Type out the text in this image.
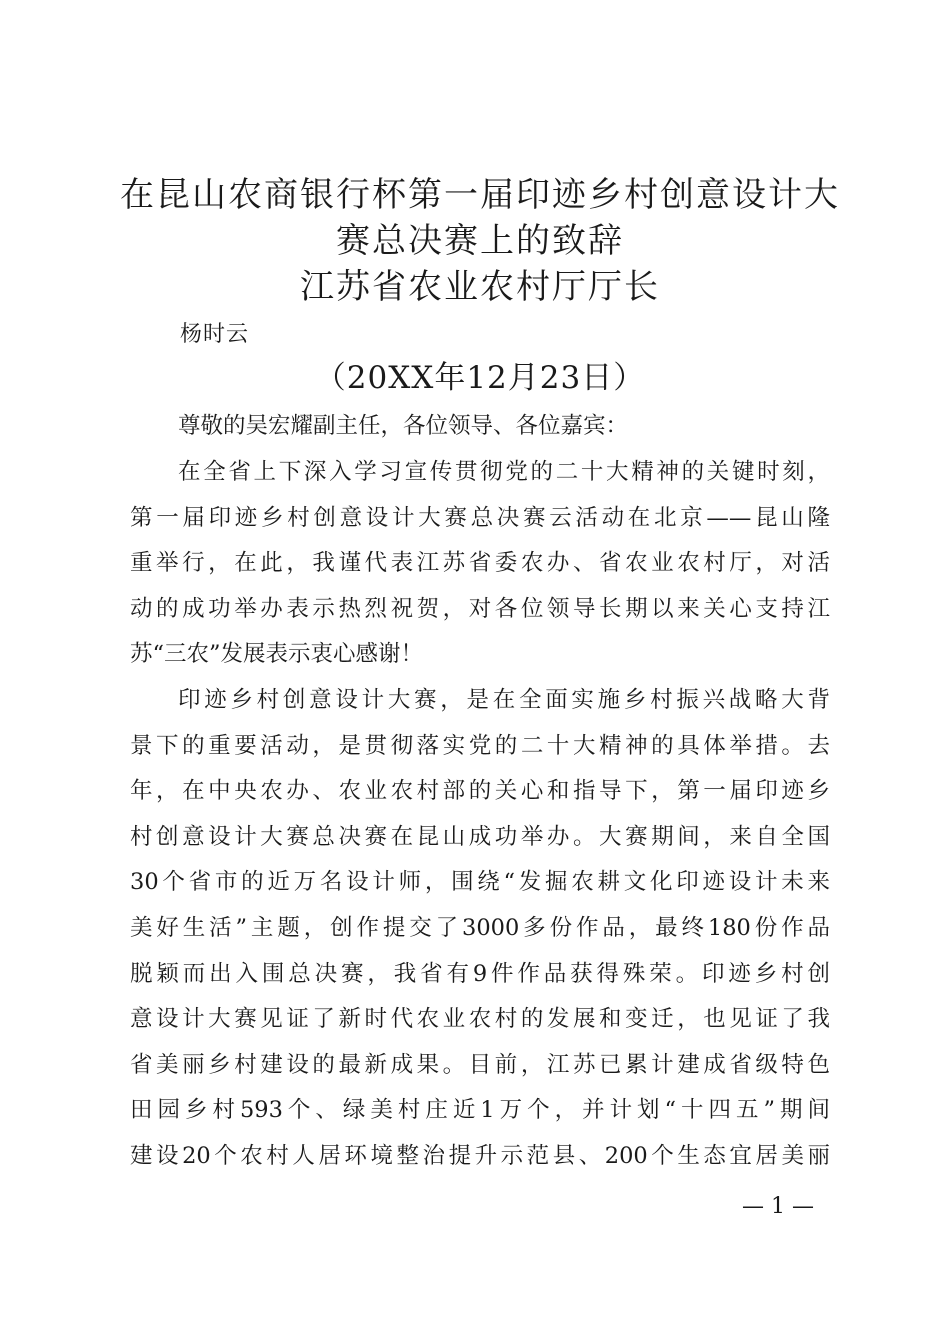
在昆山农商银行杯第一届印迹乡村创意设计大
赛总决赛上的致辞
江苏省农业农村厅厅长
杨时云
（20XX年12月23日）
尊敬的吴宏耀副主任，各位领导、各位嘉宾：
在全省上下深入学习宣传贯彻党的二十大精神的关键时刻，
第一届印迹乡村创意设计大赛总决赛云活动在北京——昆山隆
重举行，在此，我谨代表江苏省委农办、省农业农村厅，对活
动的成功举办表示热烈祝贺，对各位领导长期以来关心支持江
苏“三农”发展表示衷心感谢！
印迹乡村创意设计大赛，是在全面实施乡村振兴战略大背
景下的重要活动，是贯彻落实党的二十大精神的具体举措。去
年，在中央农办、农业农村部的关心和指导下，第一届印迹乡
村创意设计大赛总决赛在昆山成功举办。大赛期间，来自全国
30个省市的近万名设计师，围绕“发掘农耕文化印迹设计未来
美好生活”主题，创作提交了3000多份作品，最终180份作品
脱颖而出入围总决赛，我省有9件作品获得殊荣。印迹乡村创
意设计大赛见证了新时代农业农村的发展和变迁，也见证了我
省美丽乡村建设的最新成果。目前，江苏已累计建成省级特色
田园乡村593个、绿美村庄近1万个，并计划“十四五”期间
建设20个农村人居环境整治提升示范县、200个生态宜居美丽
— 1 —
